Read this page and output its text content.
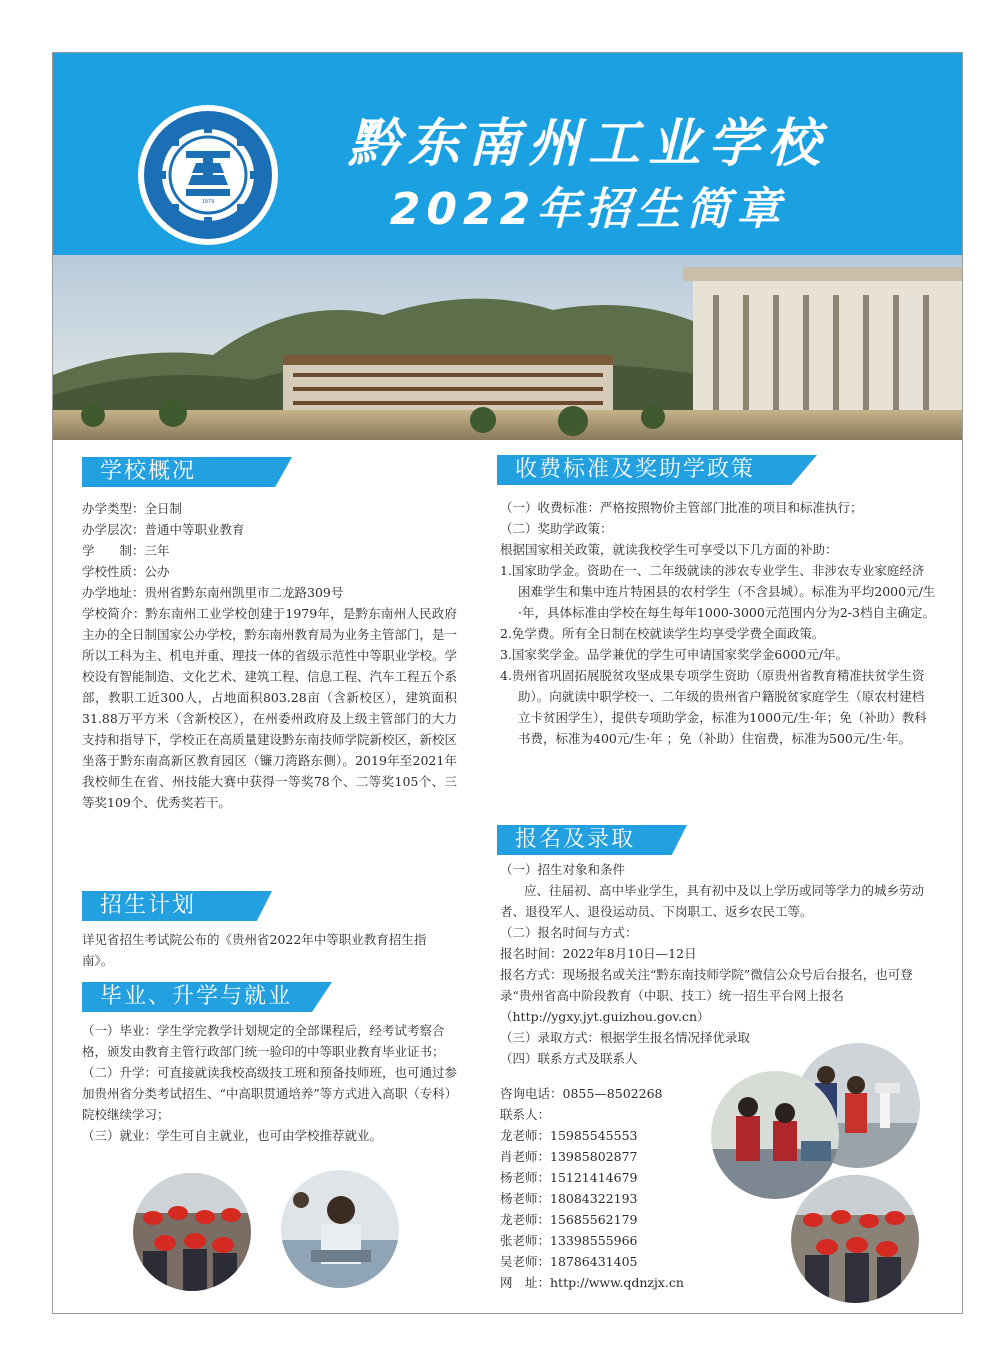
1979
黔东南州工业学校
2022年招生简章
学校概况

办学类型：全日制

办学层次：普通中等职业教育

学　　制：三年

学校性质：公办

办学地址：贵州省黔东南州凯里市二龙路309号

学校简介：黔东南州工业学校创建于1979年，是黔东南州人民政府主办的全日制国家公办学校，黔东南州教育局为业务主管部门，是一所以工科为主、机电并重、理技一体的省级示范性中等职业学校。学校设有智能制造、文化艺术、建筑工程、信息工程、汽车工程五个系部，教职工近300人，占地面积803.28亩（含新校区），建筑面积31.88万平方米（含新校区），在州委州政府及上级主管部门的大力支持和指导下，学校正在高质量建设黔东南技师学院新校区，新校区坐落于黔东南高新区教育园区（镰刀湾路东侧）。2019年至2021年我校师生在省、州技能大赛中获得一等奖78个、二等奖105个、三等奖109个、优秀奖若干。

招生计划

详见省招生考试院公布的《贵州省2022年中等职业教育招生指南》。

毕业、升学与就业

（一）毕业：学生学完教学计划规定的全部课程后，经考试考察合格，颁发由教育主管行政部门统一验印的中等职业教育毕业证书；

（二）升学：可直接就读我校高级技工班和预备技师班，也可通过参加贵州省分类考试招生、“中高职贯通培养”等方式进入高职（专科）院校继续学习；

（三）就业：学生可自主就业，也可由学校推荐就业。

收费标准及奖助学政策

（一）收费标准：严格按照物价主管部门批准的项目和标准执行；

（二）奖助学政策：

根据国家相关政策，就读我校学生可享受以下几方面的补助：

1.国家助学金。资助在一、二年级就读的涉农专业学生、非涉农专业家庭经济困难学生和集中连片特困县的农村学生（不含县城）。标准为平均2000元/生·年，具体标准由学校在每生每年1000-3000元范围内分为2-3档自主确定。

2.免学费。所有全日制在校就读学生均享受学费全面政策。

3.国家奖学金。品学兼优的学生可申请国家奖学金6000元/年。

4.贵州省巩固拓展脱贫攻坚成果专项学生资助（原贵州省教育精准扶贫学生资助）。向就读中职学校一、二年级的贵州省户籍脱贫家庭学生（原农村建档立卡贫困学生），提供专项助学金，标准为1000元/生·年；免（补助）教科书费，标准为400元/生·年 ；免（补助）住宿费，标准为500元/生·年。

报名及录取

（一）招生对象和条件

应、往届初、高中毕业学生，具有初中及以上学历或同等学力的城乡劳动者、退役军人、退役运动员、下岗职工、返乡农民工等。

（二）报名时间与方式：

报名时间：2022年8月10日—12日

报名方式：现场报名或关注“黔东南技师学院”微信公众号后台报名，也可登录“贵州省高中阶段教育（中职、技工）统一招生平台网上报名（http://ygxy.jyt.guizhou.gov.cn）

（三）录取方式：根据学生报名情况择优录取

（四）联系方式及联系人

咨询电话：0855—8502268

联系人：

龙老师：15985545553

肖老师：13985802877

杨老师：15121414679

杨老师：18084322193

龙老师：15685562179

张老师：13398555966

吴老师：18786431405

网　址：http://www.qdnzjx.cn
